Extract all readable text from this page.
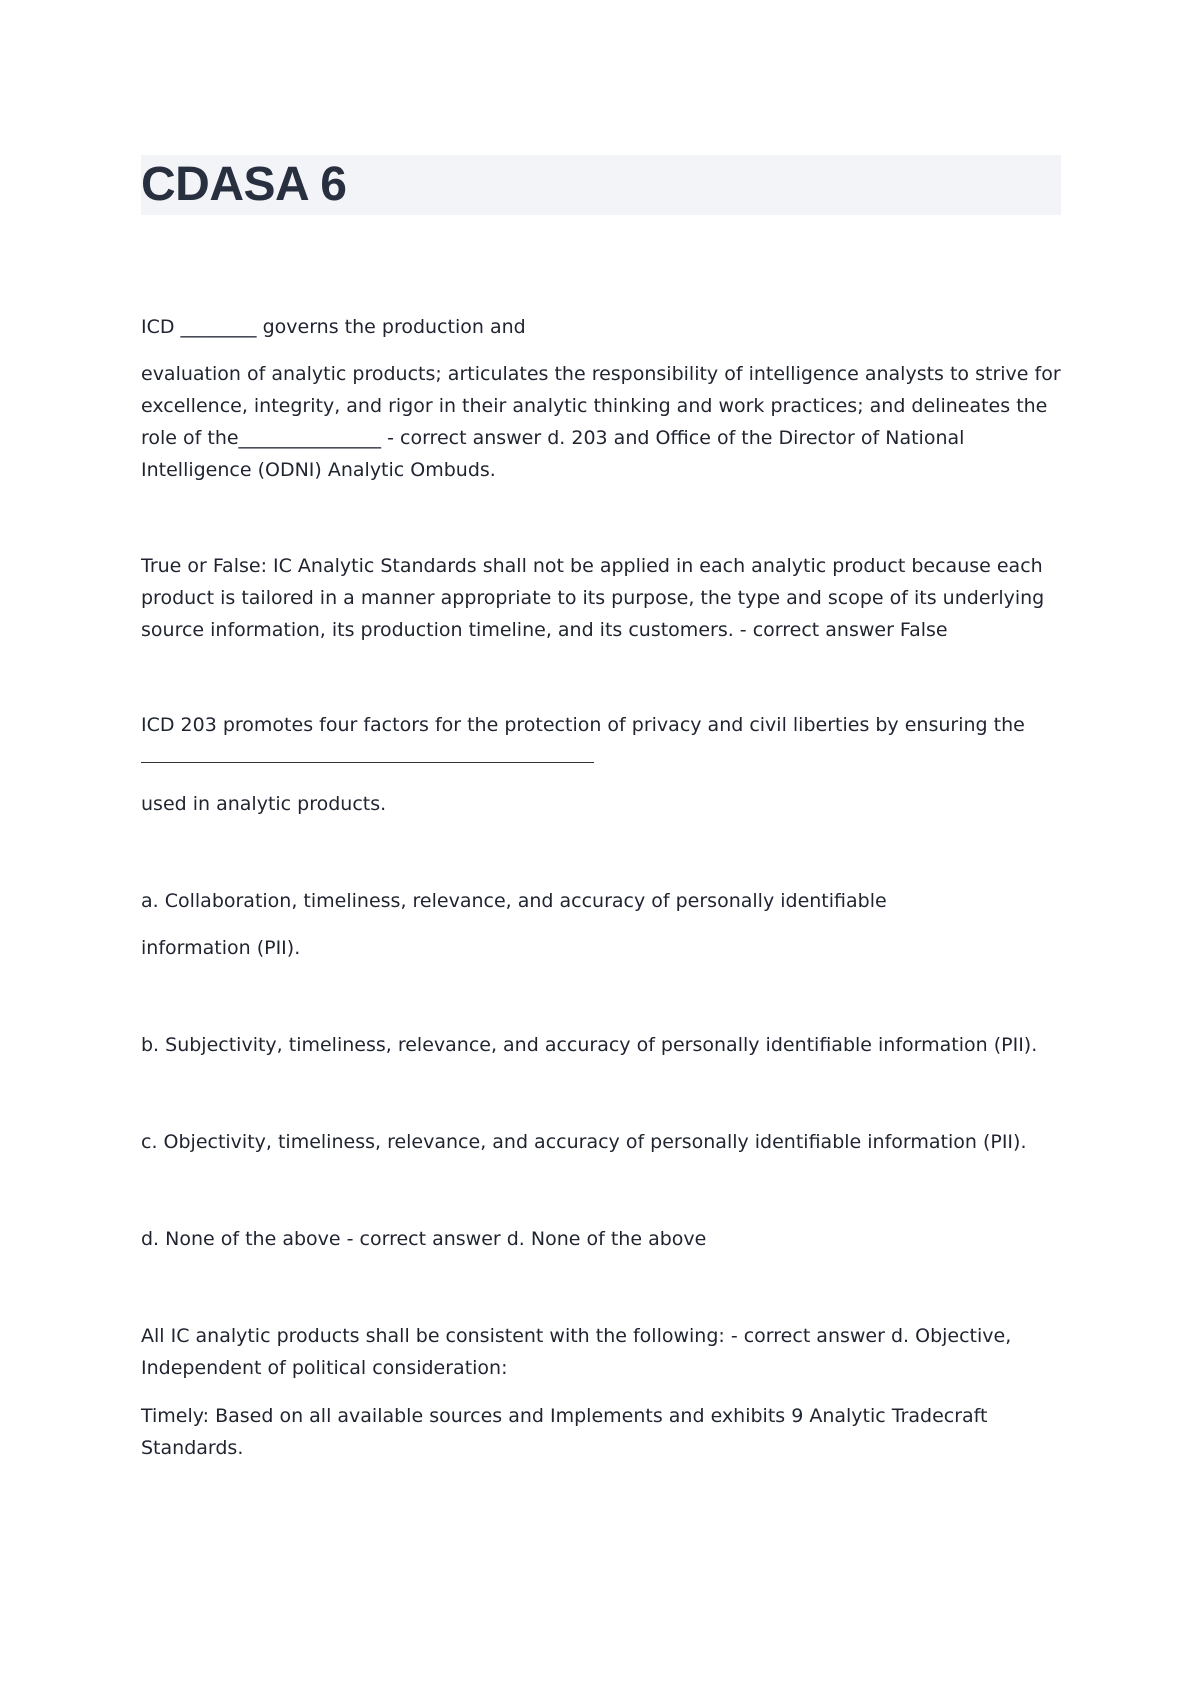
CDASA 6

ICD ________ governs the production and

evaluation of analytic products; articulates the responsibility of intelligence analysts to strive for excellence, integrity, and rigor in their analytic thinking and work practices; and delineates the role of the_______________ - correct answer d. 203 and Office of the Director of National Intelligence (ODNI) Analytic Ombuds.

True or False: IC Analytic Standards shall not be applied in each analytic product because each product is tailored in a manner appropriate to its purpose, the type and scope of its underlying source information, its production timeline, and its customers. - correct answer False

ICD 203 promotes four factors for the protection of privacy and civil liberties by ensuring the

used in analytic products.

a. Collaboration, timeliness, relevance, and accuracy of personally identifiable

information (PII).

b. Subjectivity, timeliness, relevance, and accuracy of personally identifiable information (PII).

c. Objectivity, timeliness, relevance, and accuracy of personally identifiable information (PII).

d. None of the above - correct answer d. None of the above

All IC analytic products shall be consistent with the following: - correct answer d. Objective, Independent of political consideration:

Timely: Based on all available sources and Implements and exhibits 9 Analytic Tradecraft Standards.
